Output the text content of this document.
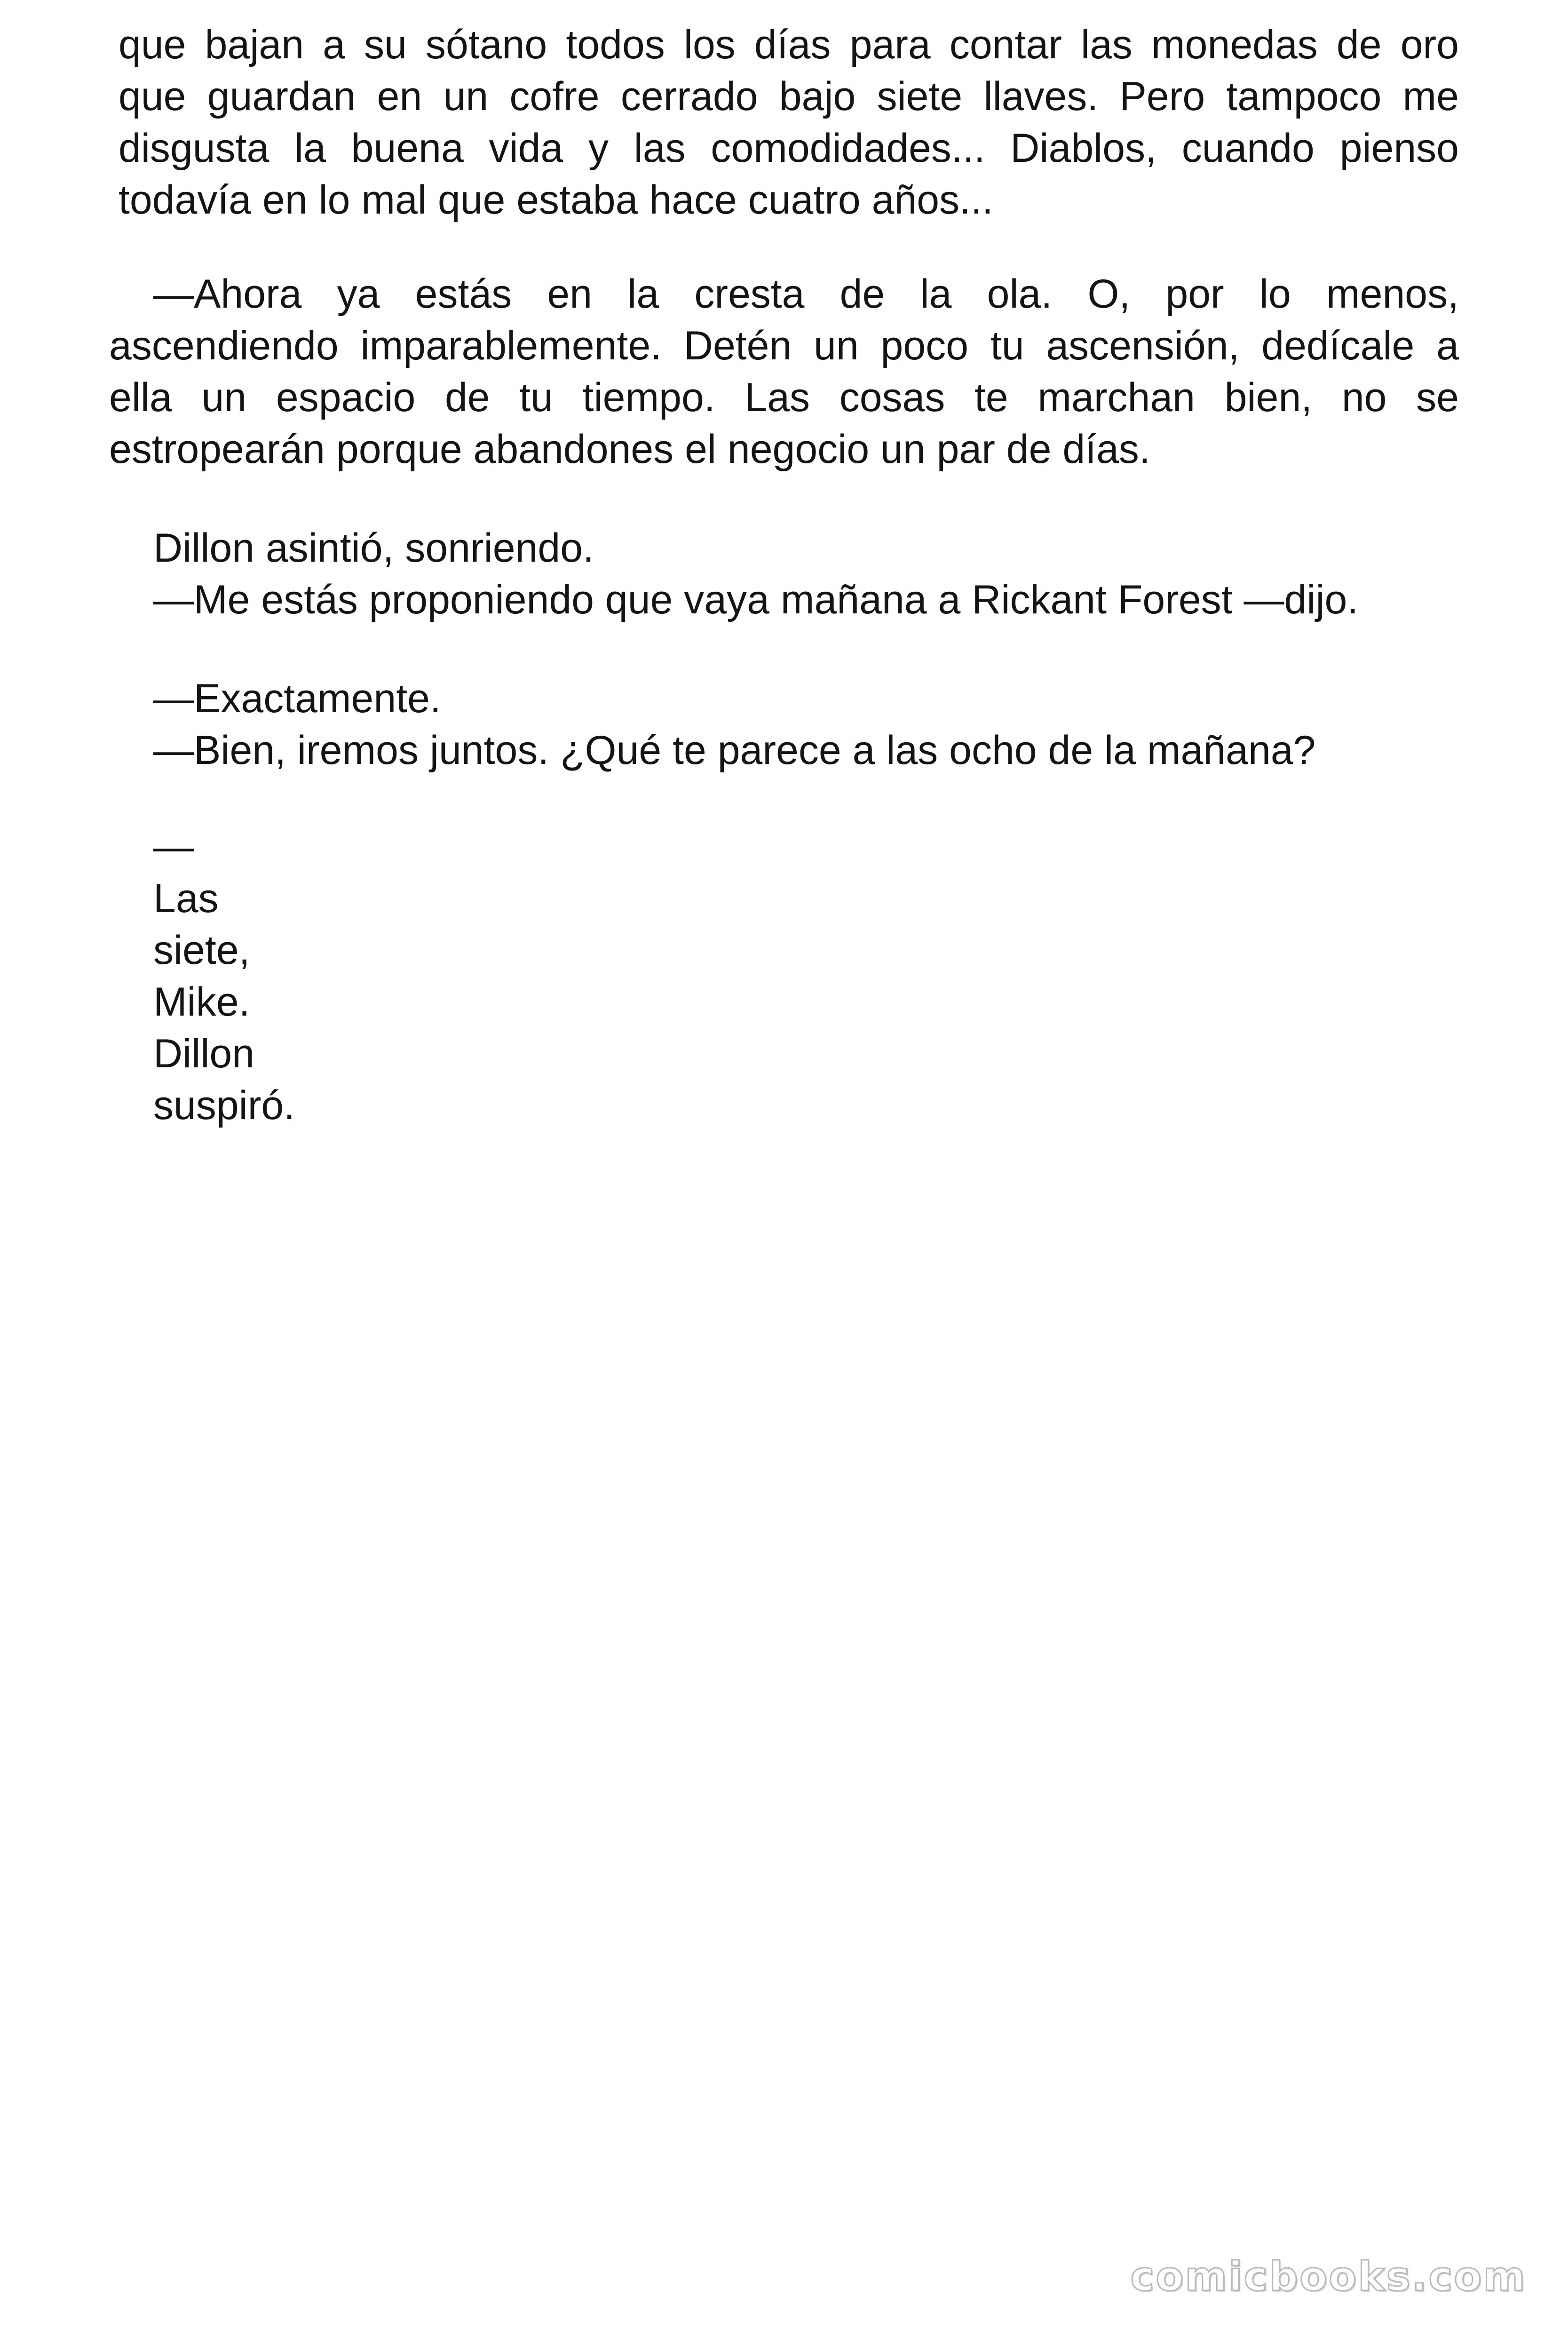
que bajan a su sótano todos los días para contar las monedas de oro
que guardan en un cofre cerrado bajo siete llaves. Pero tampoco me
disgusta la buena vida y las comodidades... Diablos, cuando pienso
todavía en lo mal que estaba hace cuatro años...
—Ahora ya estás en la cresta de la ola. O, por lo menos,
ascendiendo imparablemente. Detén un poco tu ascensión, dedícale a
ella un espacio de tu tiempo. Las cosas te marchan bien, no se
estropearán porque abandones el negocio un par de días.
Dillon asintió, sonriendo.
—Me estás proponiendo que vaya mañana a Rickant Forest —dijo.
—Exactamente.
—Bien, iremos juntos. ¿Qué te parece a las ocho de la mañana?
—
Las
siete,
Mike.
Dillon
suspiró.
comicbooks.com
